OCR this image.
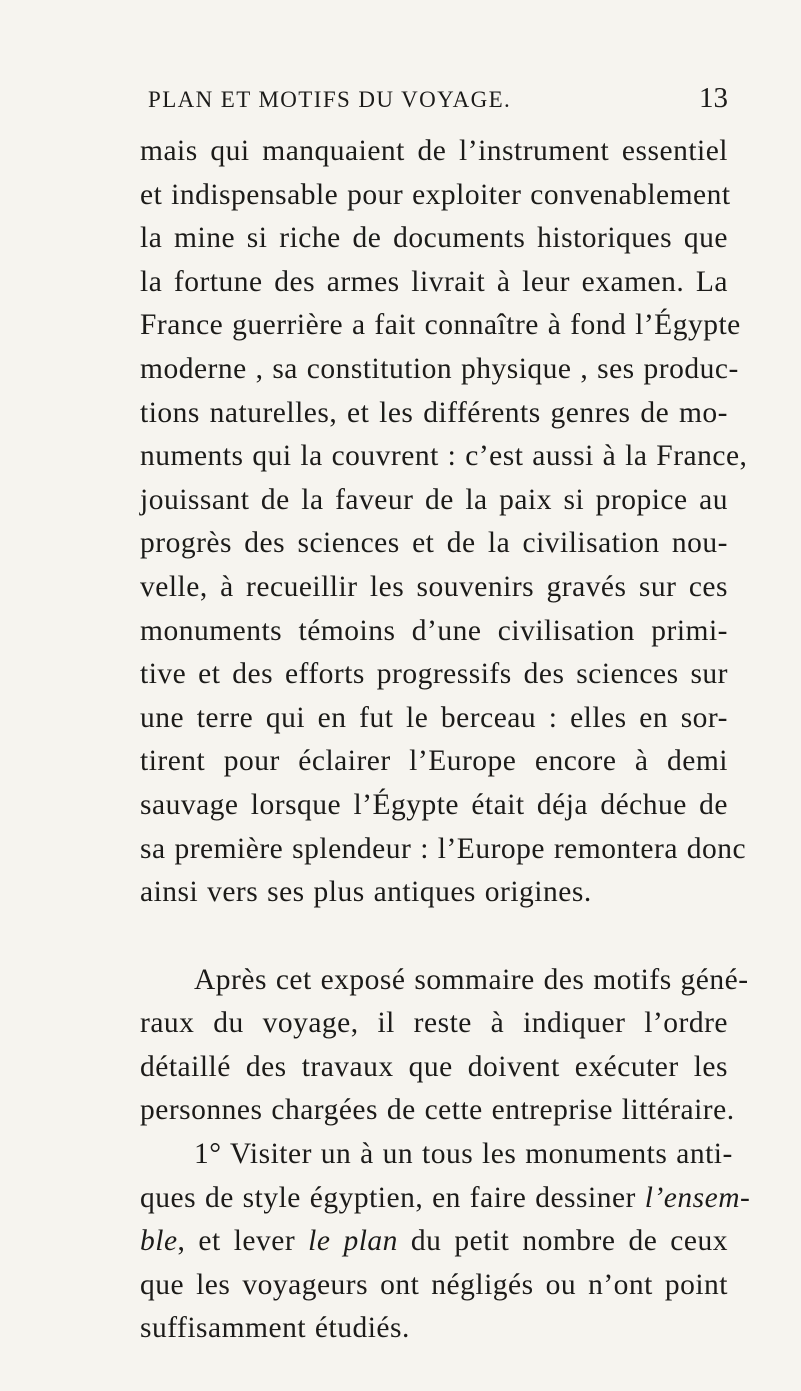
PLAN ET MOTIFS DU VOYAGE.	13

mais qui manquaient de l’instrument essentiel
et indispensable pour exploiter convenablement
la mine si riche de documents historiques que
la fortune des armes livrait à leur examen. La
France guerrière a fait connaître à fond l’Égypte
moderne , sa constitution physique , ses produc-
tions naturelles, et les différents genres de mo-
numents qui la couvrent : c’est aussi à la France,
jouissant de la faveur de la paix si propice au
progrès des sciences et de la civilisation nou-
velle, à recueillir les souvenirs gravés sur ces
monuments témoins d’une civilisation primi-
tive et des efforts progressifs des sciences sur
une terre qui en fut le berceau : elles en sor-
tirent pour éclairer l’Europe encore à demi
sauvage lorsque l’Égypte était déja déchue de
sa première splendeur : l’Europe remontera donc
ainsi vers ses plus antiques origines.

Après cet exposé sommaire des motifs géné-
raux du voyage, il reste à indiquer l’ordre
détaillé des travaux que doivent exécuter les
personnes chargées de cette entreprise littéraire.

1° Visiter un à un tous les monuments anti-
ques de style égyptien, en faire dessiner l’ensem-
ble, et lever le plan du petit nombre de ceux
que les voyageurs ont négligés ou n’ont point
suffisamment étudiés.
